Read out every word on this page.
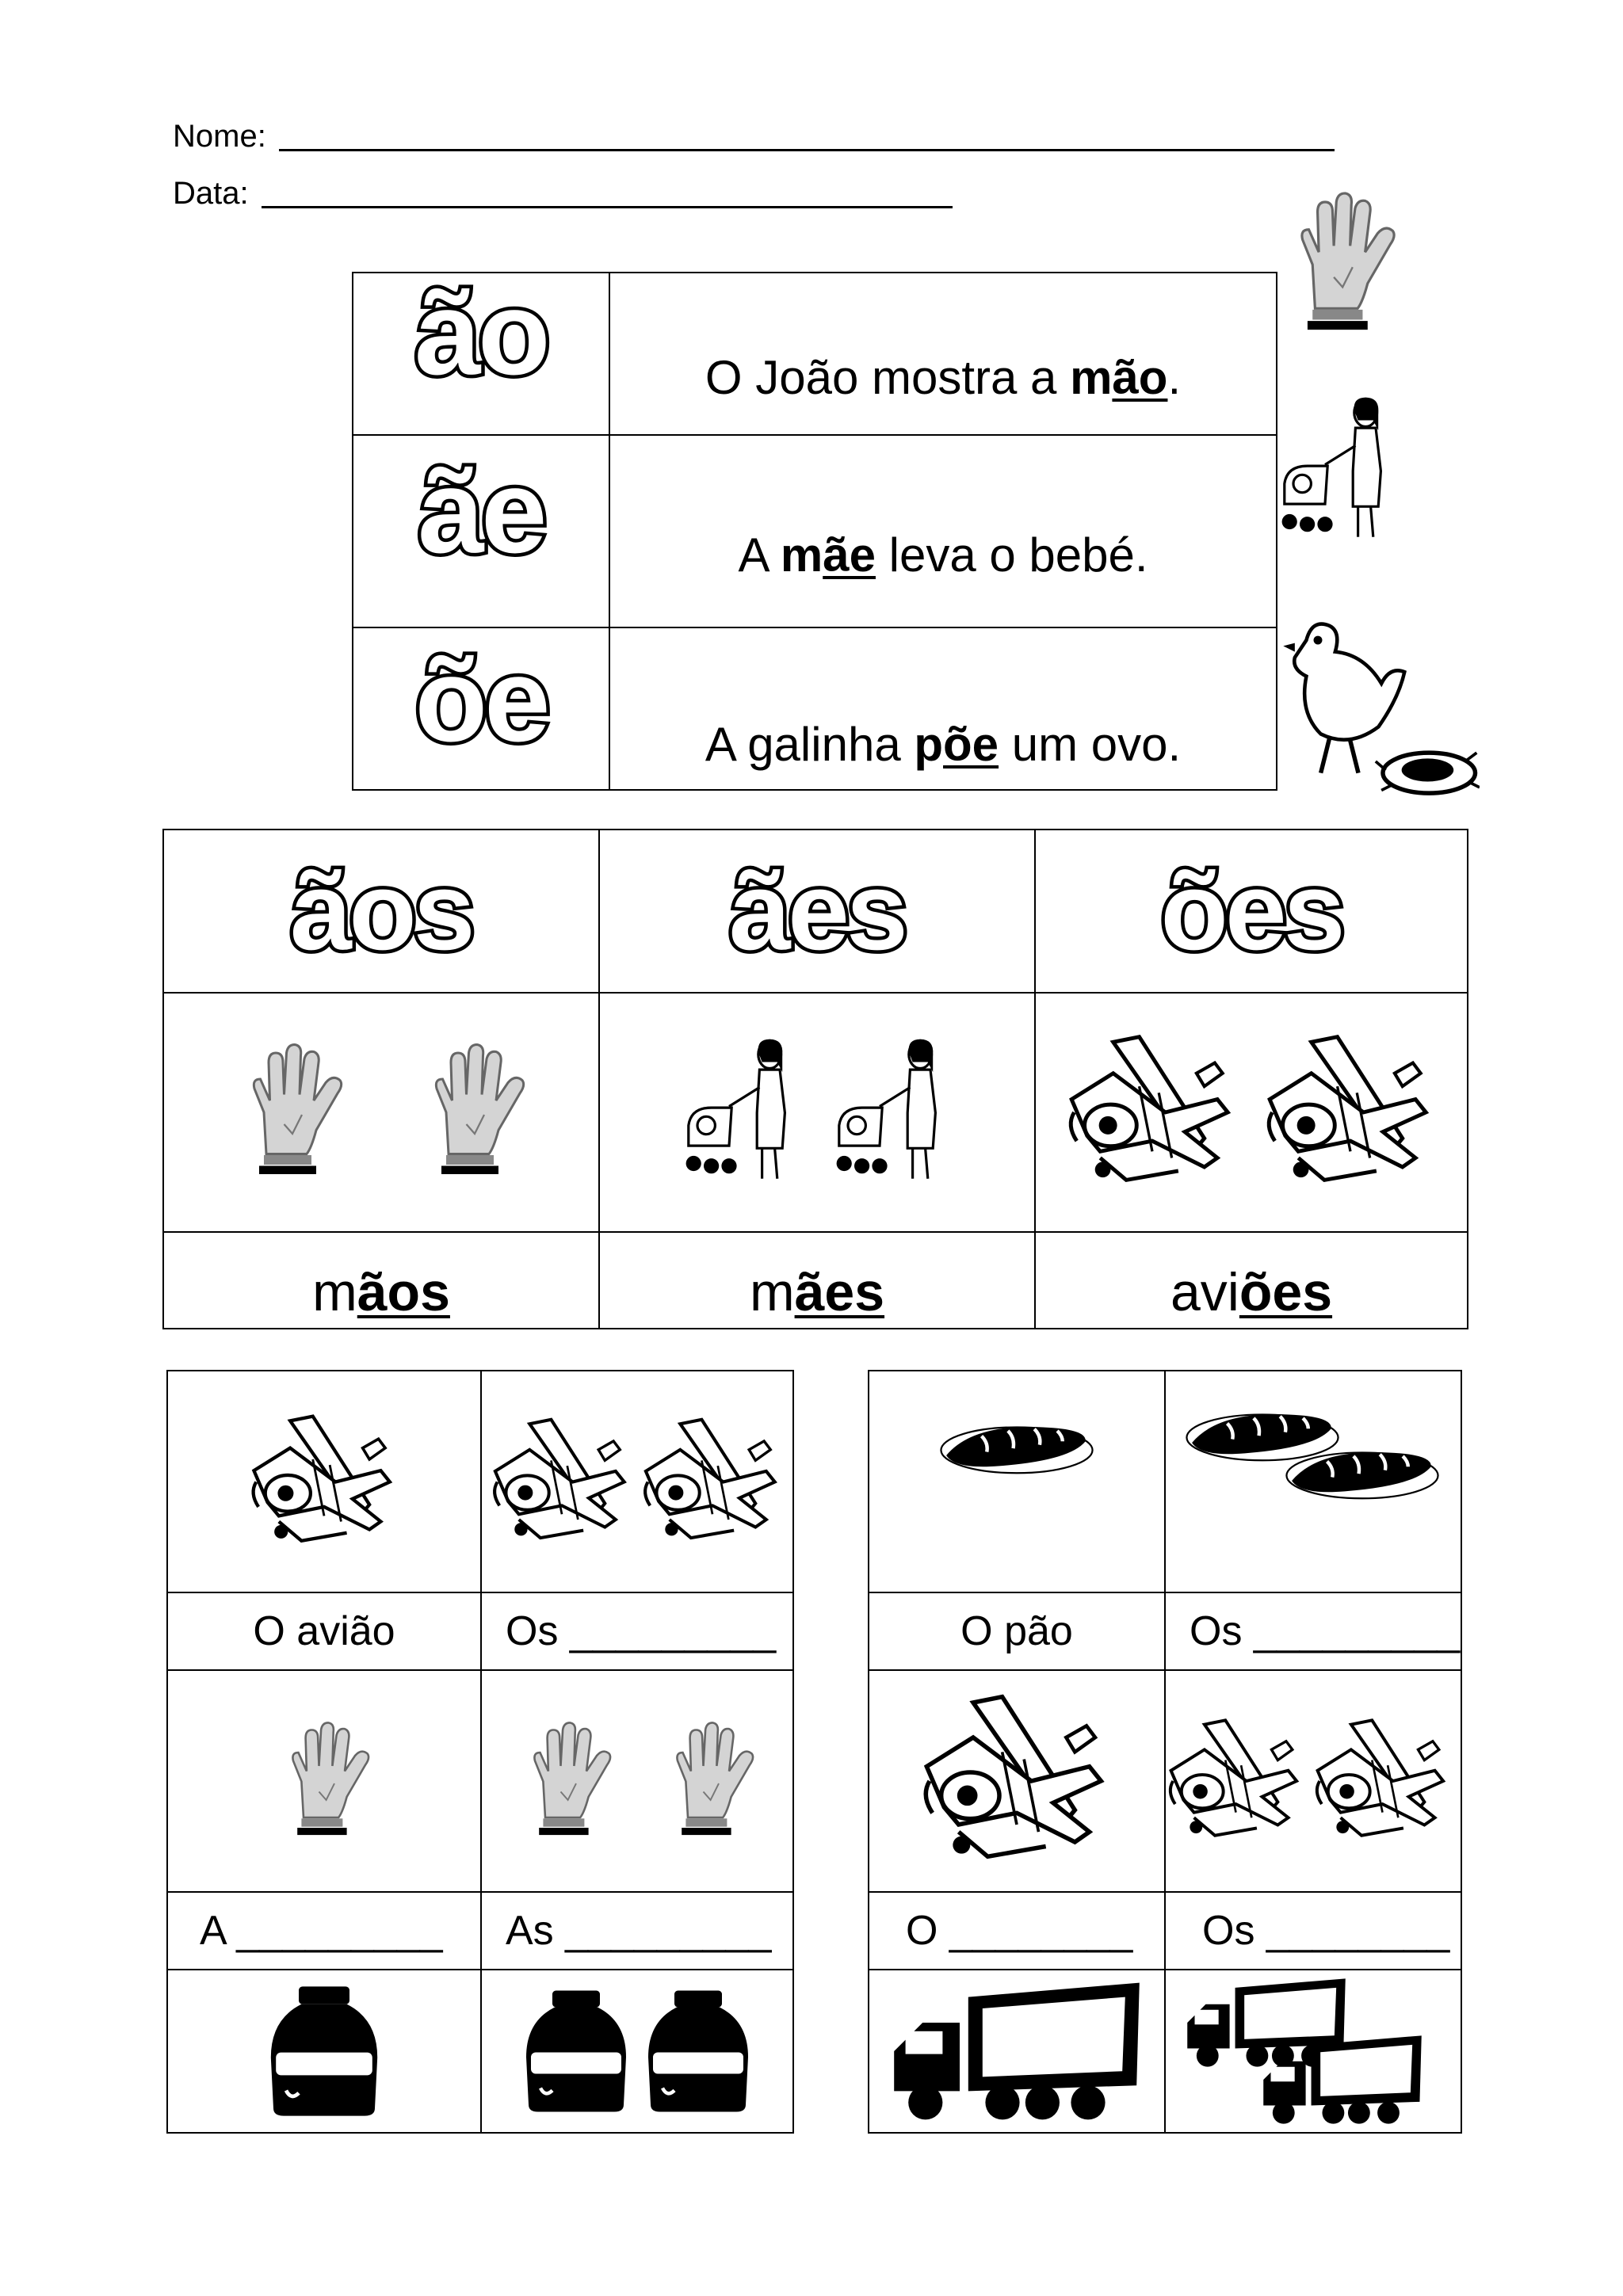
Nome:
Data:
ão	O João mostra a mão.
ãe	A mãe leva o bebé.
õe	A galinha põe um ovo.
ãos	ães	ões

mãos	mães	aviões

O avião	Os _________

A _________	As _________

O pão	Os _________

O ________	Os ________
